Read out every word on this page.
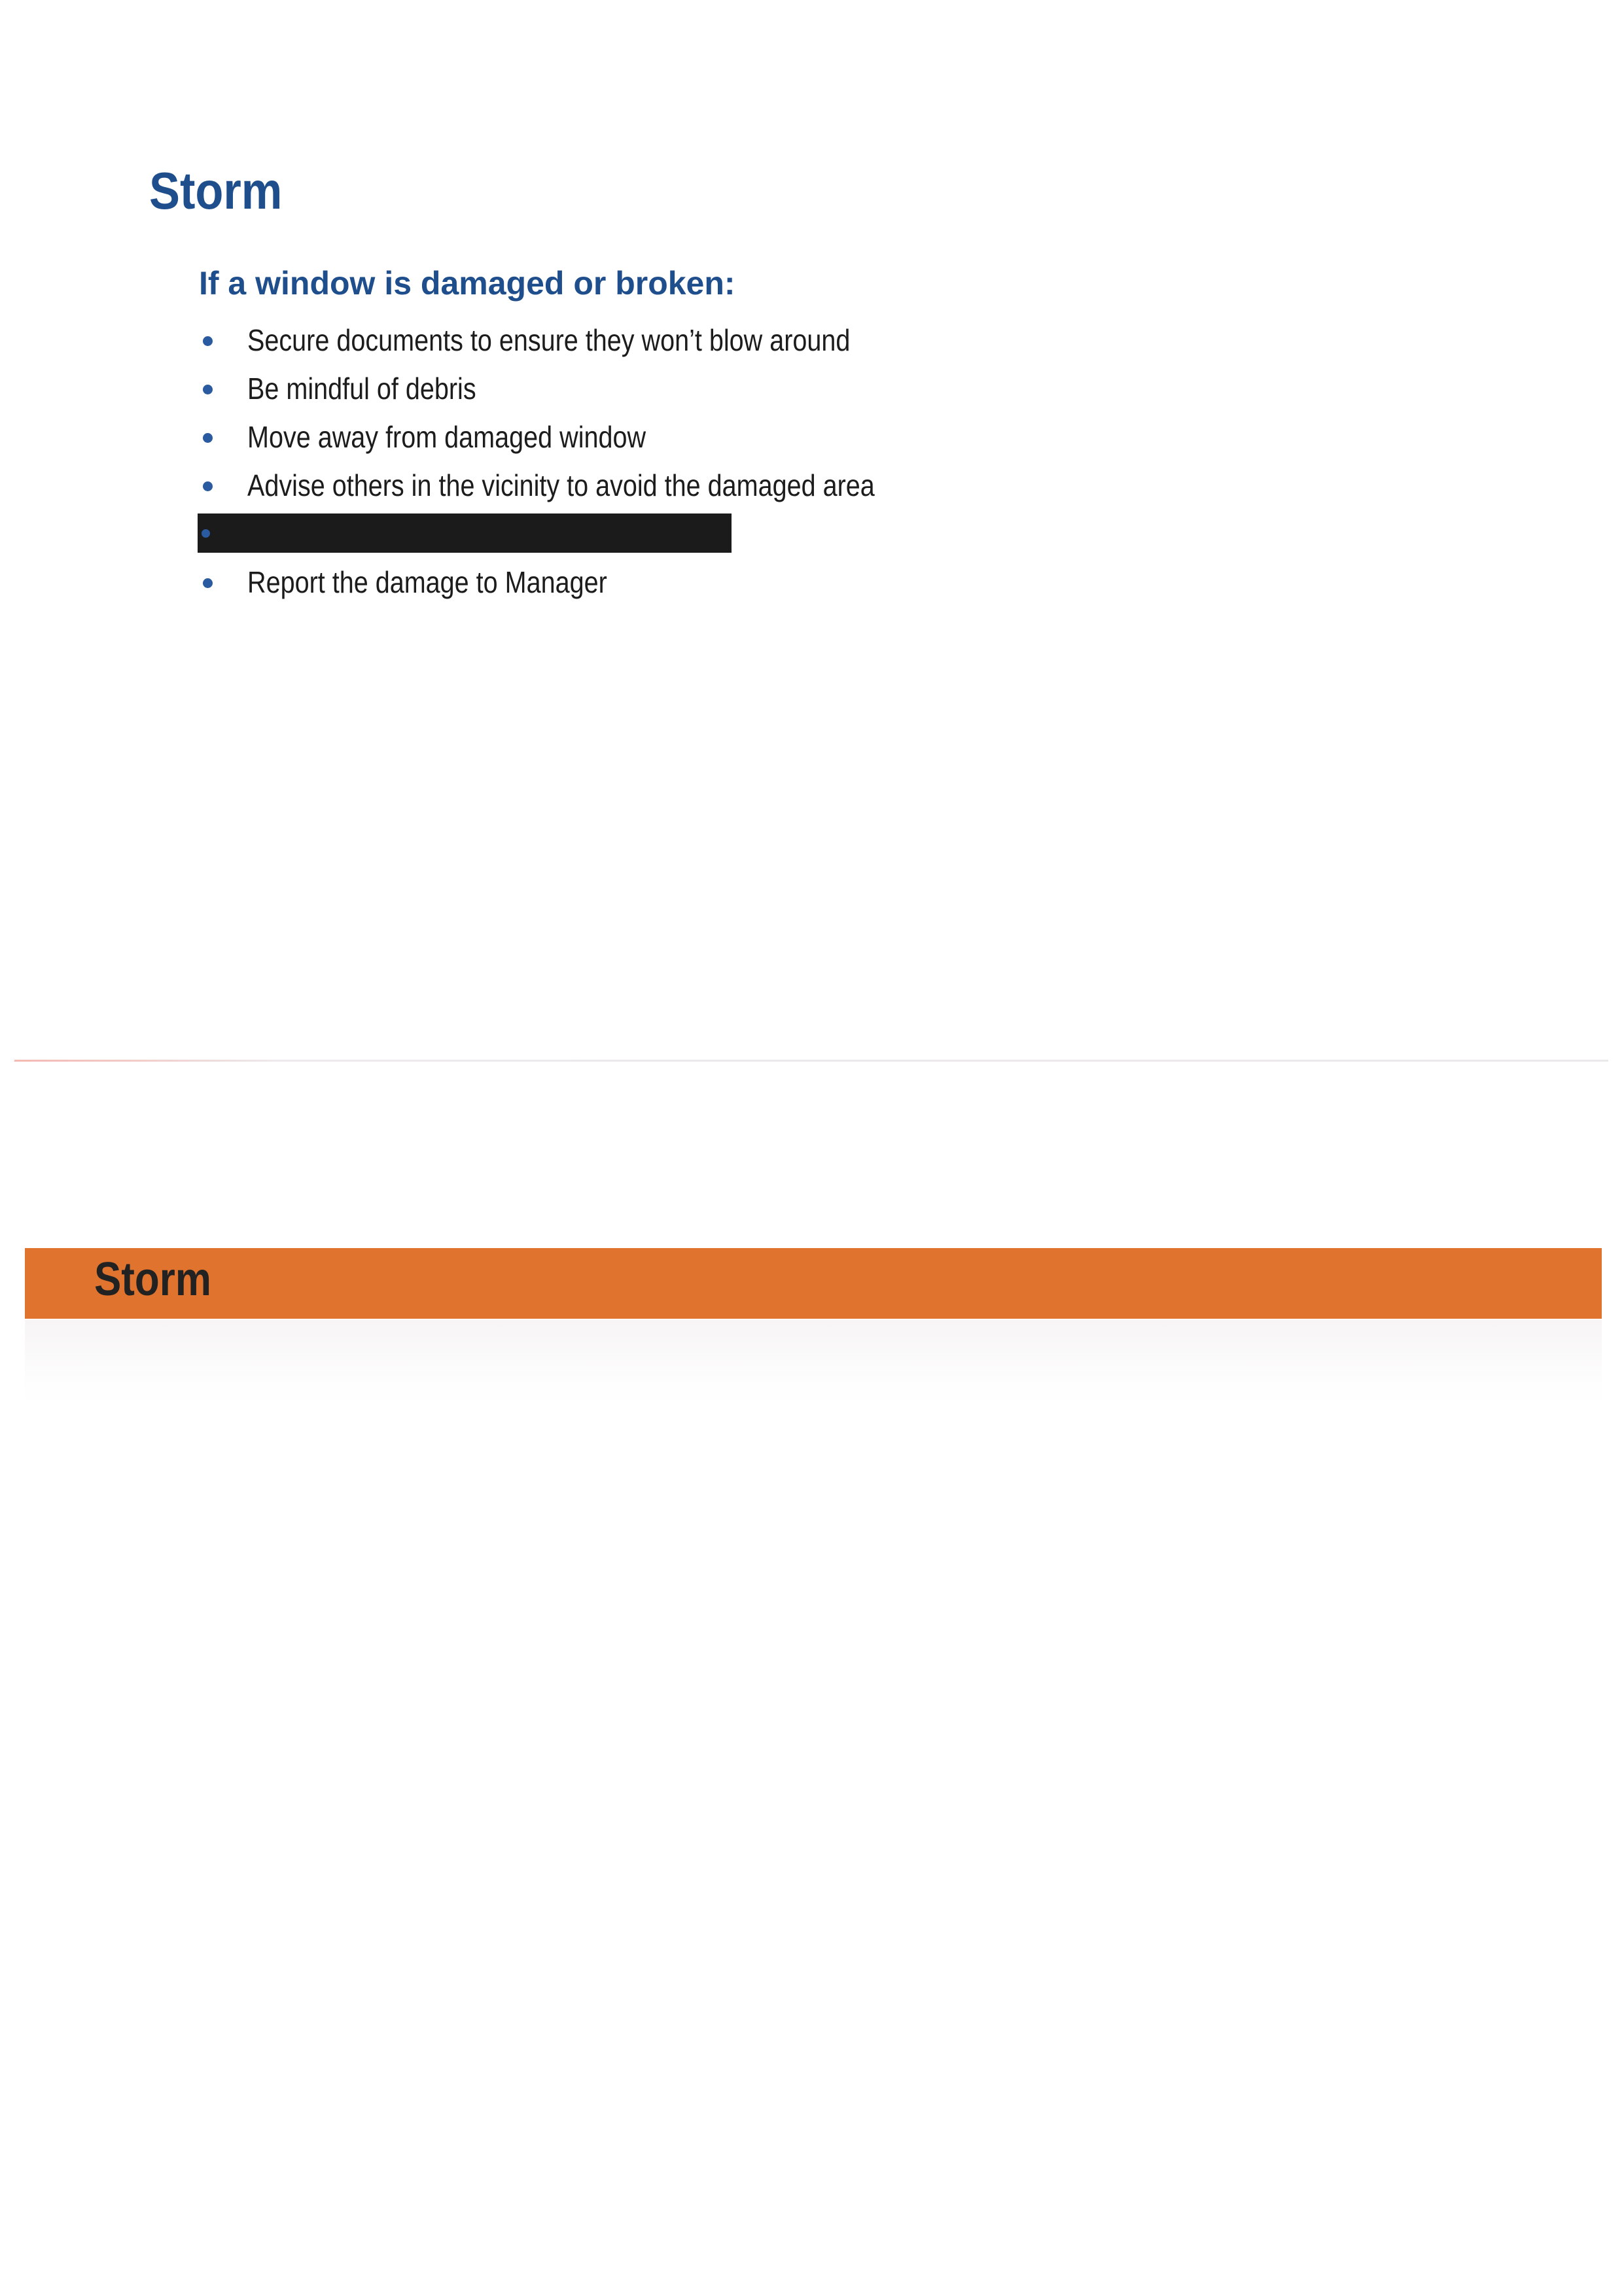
Storm
If a window is damaged or broken:
Secure documents to ensure they won’t blow around
Be mindful of debris
Move away from damaged window
Advise others in the vicinity to avoid the damaged area
Report the damage to Manager
Storm
